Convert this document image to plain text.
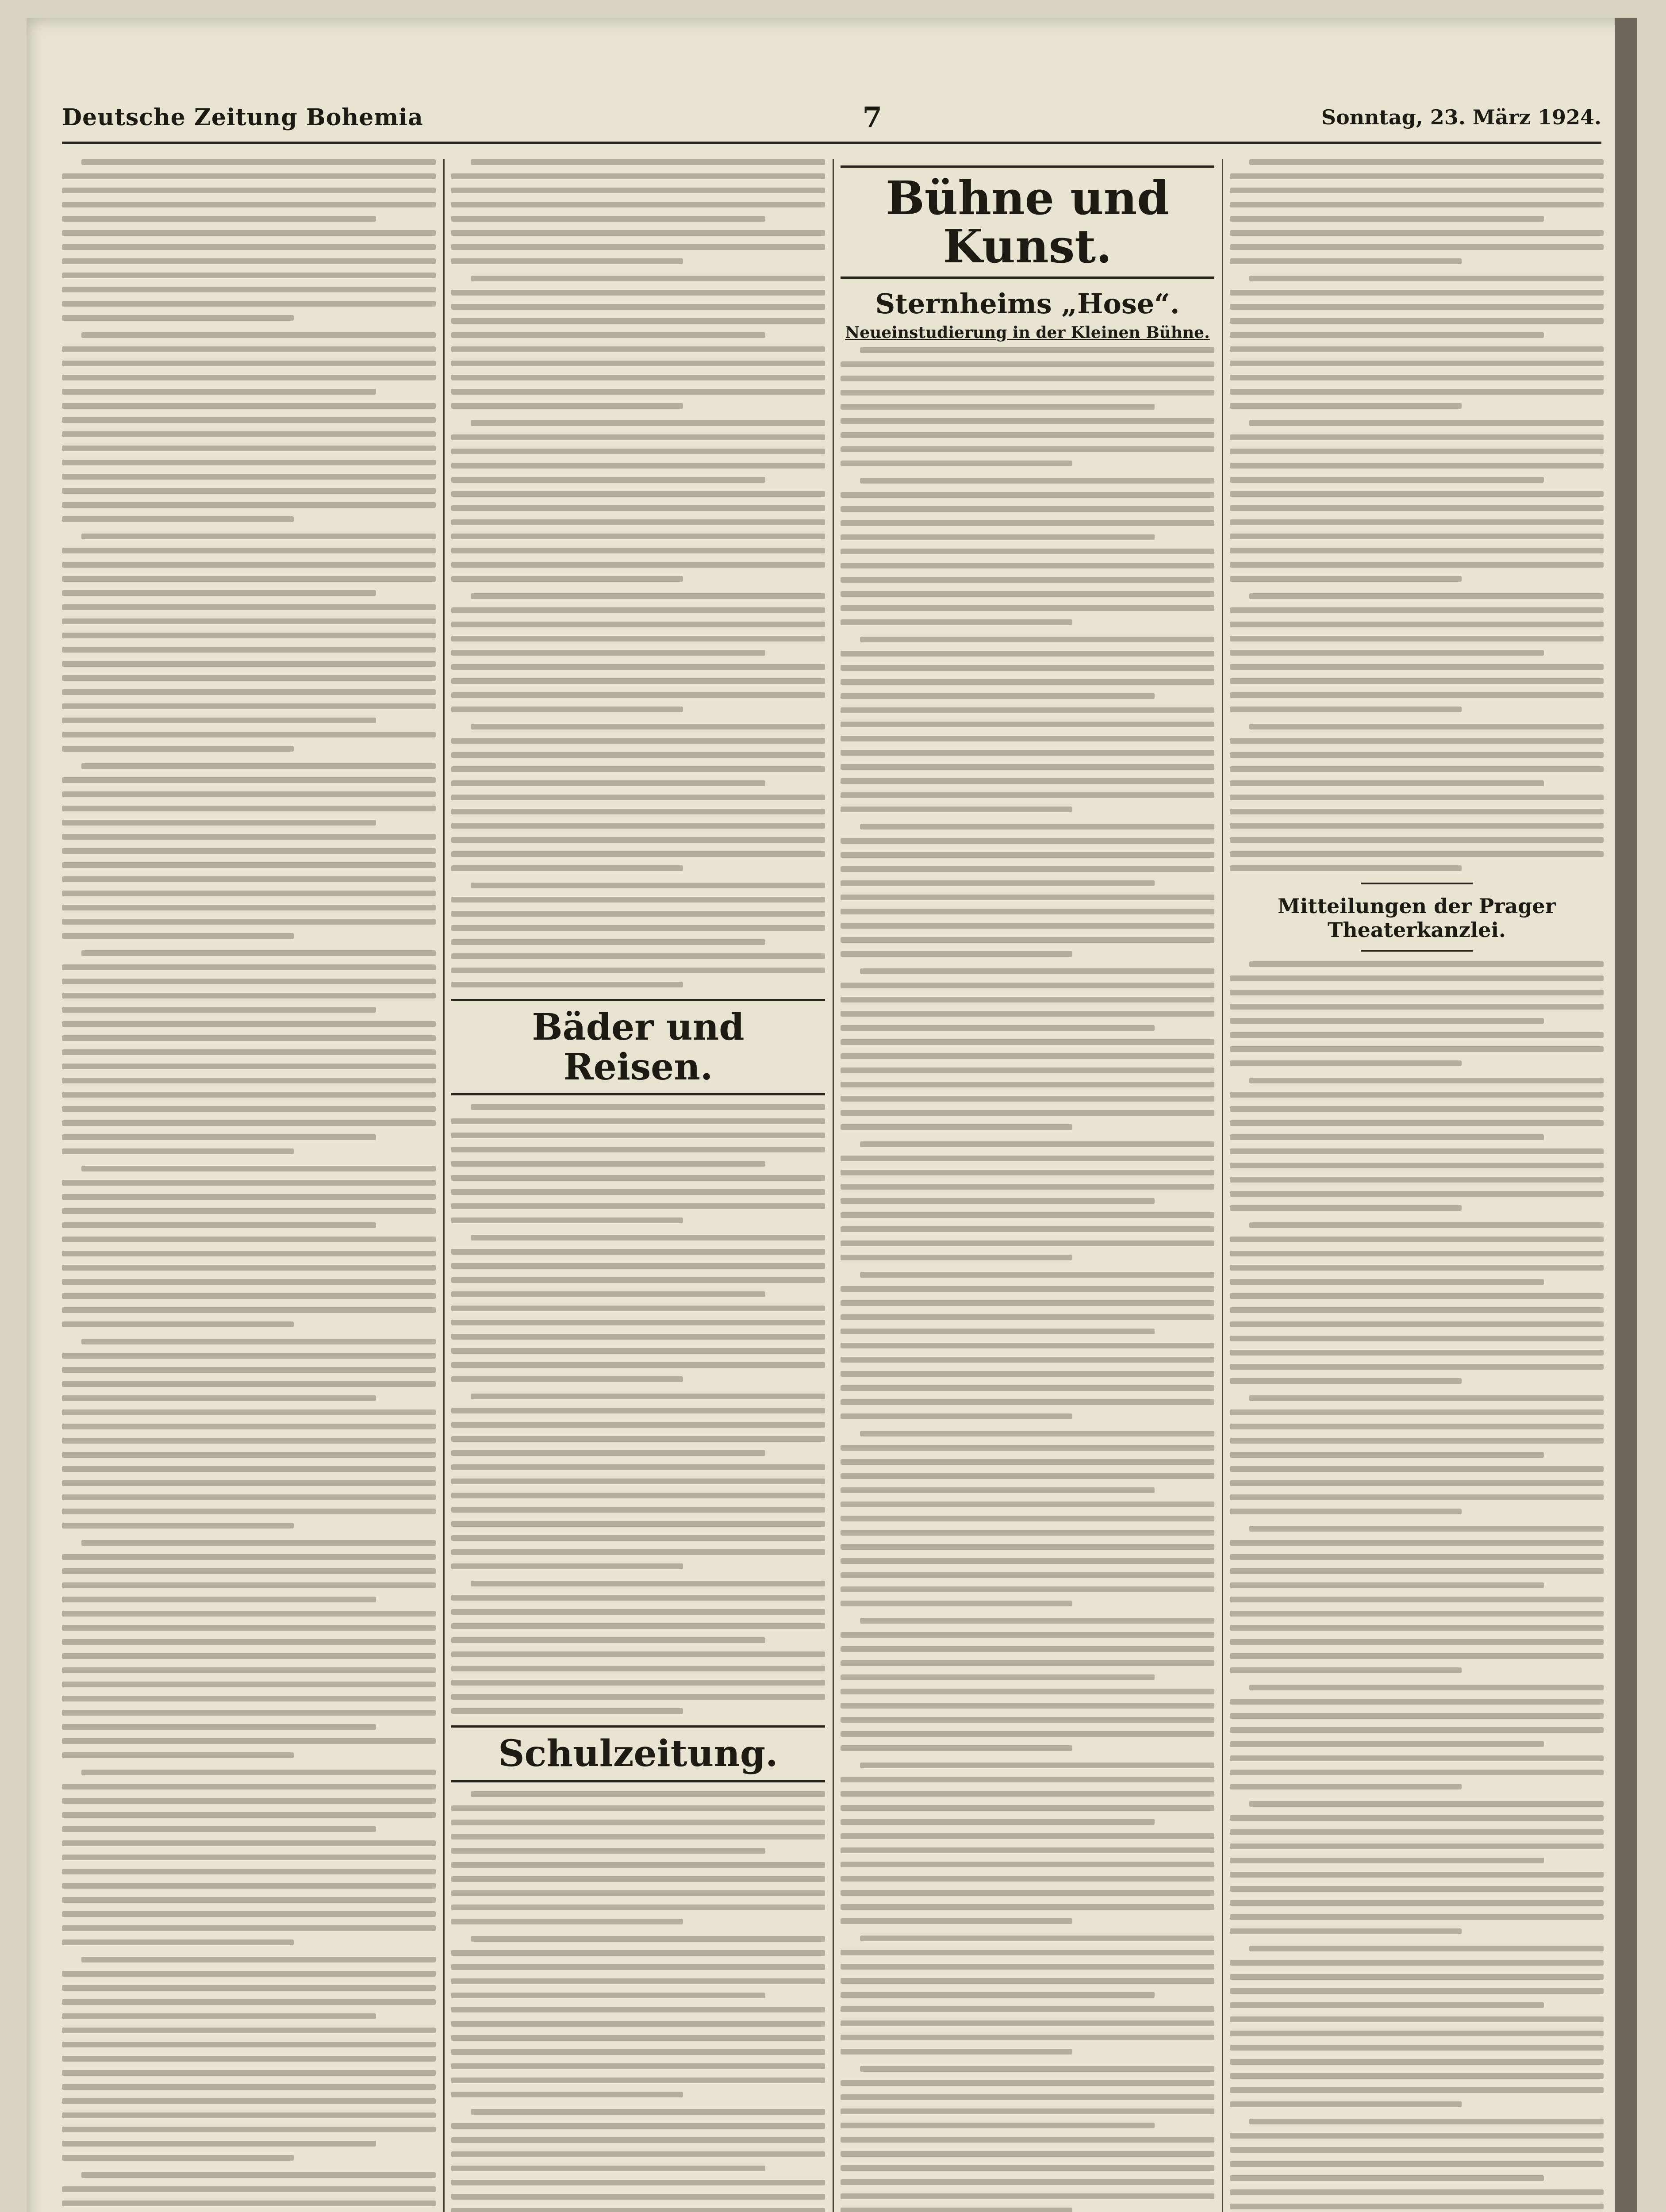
Deutsche Zeitung Bohemia	7	Sonntag, 23. März 1924.
Bäder und Reisen.
Schulzeitung.
Bühne und Kunst.
Sternheims „Hose“.
Neueinstudierung in der Kleinen Bühne.
Mitteilungen der Prager Theaterkanzlei.
